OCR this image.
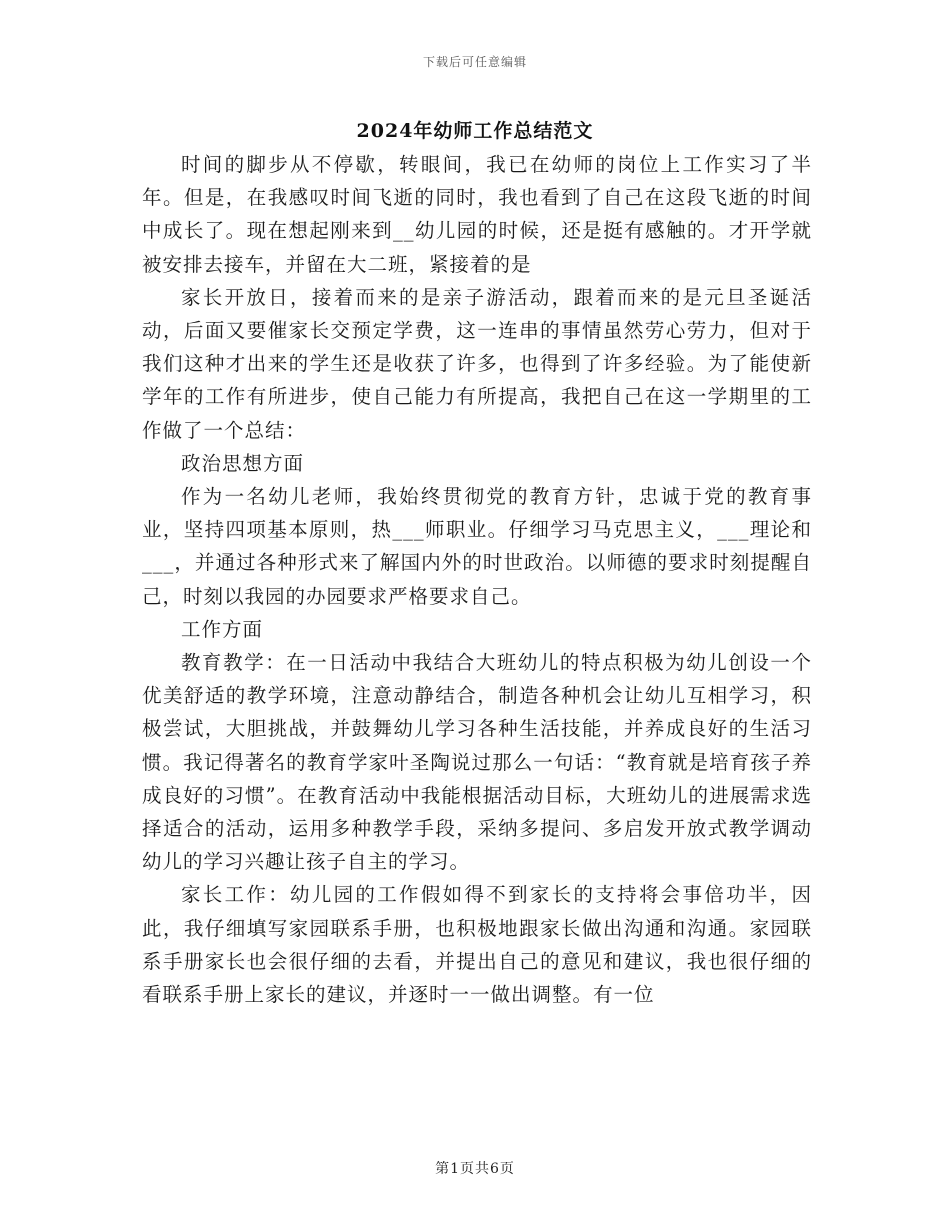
下载后可任意编辑
2024年幼师工作总结范文

时间的脚步从不停歇，转眼间，我已在幼师的岗位上工作实习了半年。但是，在我感叹时间飞逝的同时，我也看到了自己在这段飞逝的时间中成长了。现在想起刚来到__幼儿园的时候，还是挺有感触的。才开学就被安排去接车，并留在大二班，紧接着的是

家长开放日，接着而来的是亲子游活动，跟着而来的是元旦圣诞活动，后面又要催家长交预定学费，这一连串的事情虽然劳心劳力，但对于我们这种才出来的学生还是收获了许多，也得到了许多经验。为了能使新学年的工作有所进步，使自己能力有所提高，我把自己在这一学期里的工作做了一个总结：

政治思想方面

作为一名幼儿老师，我始终贯彻党的教育方针，忠诚于党的教育事业，坚持四项基本原则，热___师职业。仔细学习马克思主义，___理论和___，并通过各种形式来了解国内外的时世政治。以师德的要求时刻提醒自己，时刻以我园的办园要求严格要求自己。

工作方面

教育教学：在一日活动中我结合大班幼儿的特点积极为幼儿创设一个优美舒适的教学环境，注意动静结合，制造各种机会让幼儿互相学习，积极尝试，大胆挑战，并鼓舞幼儿学习各种生活技能，并养成良好的生活习惯。我记得著名的教育学家叶圣陶说过那么一句话：“教育就是培育孩子养成良好的习惯”。在教育活动中我能根据活动目标，大班幼儿的进展需求选择适合的活动，运用多种教学手段，采纳多提问、多启发开放式教学调动幼儿的学习兴趣让孩子自主的学习。

家长工作：幼儿园的工作假如得不到家长的支持将会事倍功半，因此，我仔细填写家园联系手册，也积极地跟家长做出沟通和沟通。家园联系手册家长也会很仔细的去看，并提出自己的意见和建议，我也很仔细的看联系手册上家长的建议，并逐时一一做出调整。有一位

第1页共6页
